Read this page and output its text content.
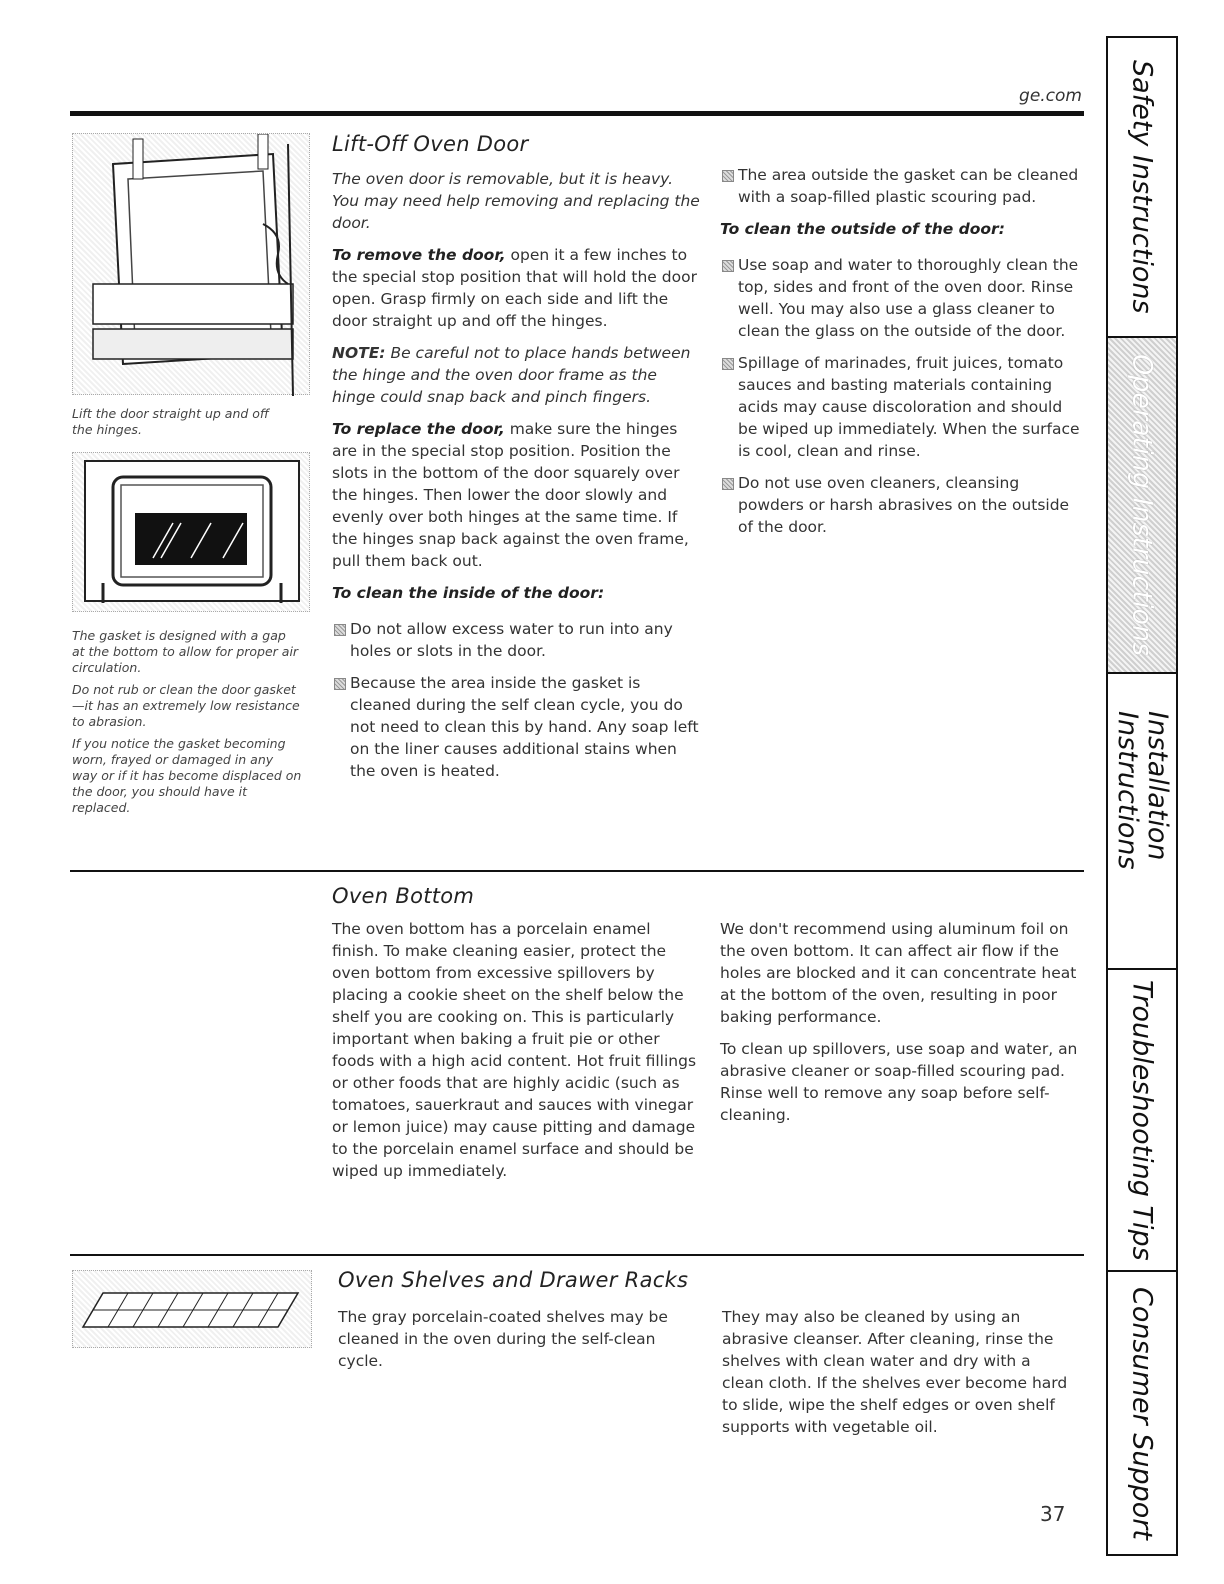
ge.com
Lift the door straight up and off the hinges.

The gasket is designed with a gap at the bottom to allow for proper air circulation.

Do not rub or clean the door gasket—it has an extremely low resistance to abrasion.

If you notice the gasket becoming worn, frayed or damaged in any way or if it has become displaced on the door, you should have it replaced.

Lift-Off Oven Door

The oven door is removable, but it is heavy. You may need help removing and replacing the door.

To remove the door, open it a few inches to the special stop position that will hold the door open. Grasp firmly on each side and lift the door straight up and off the hinges.

NOTE: Be careful not to place hands between the hinge and the oven door frame as the hinge could snap back and pinch fingers.

To replace the door, make sure the hinges are in the special stop position. Position the slots in the bottom of the door squarely over the hinges. Then lower the door slowly and evenly over both hinges at the same time. If the hinges snap back against the oven frame, pull them back out.

To clean the inside of the door:

Do not allow excess water to run into any holes or slots in the door.

Because the area inside the gasket is cleaned during the self clean cycle, you do not need to clean this by hand. Any soap left on the liner causes additional stains when the oven is heated.

The area outside the gasket can be cleaned with a soap-filled plastic scouring pad.

To clean the outside of the door:

Use soap and water to thoroughly clean the top, sides and front of the oven door. Rinse well. You may also use a glass cleaner to clean the glass on the outside of the door.

Spillage of marinades, fruit juices, tomato sauces and basting materials containing acids may cause discoloration and should be wiped up immediately. When the surface is cool, clean and rinse.

Do not use oven cleaners, cleansing powders or harsh abrasives on the outside of the door.

Oven Bottom

The oven bottom has a porcelain enamel finish. To make cleaning easier, protect the oven bottom from excessive spillovers by placing a cookie sheet on the shelf below the shelf you are cooking on. This is particularly important when baking a fruit pie or other foods with a high acid content. Hot fruit fillings or other foods that are highly acidic (such as tomatoes, sauerkraut and sauces with vinegar or lemon juice) may cause pitting and damage to the porcelain enamel surface and should be wiped up immediately.

We don't recommend using aluminum foil on the oven bottom. It can affect air flow if the holes are blocked and it can concentrate heat at the bottom of the oven, resulting in poor baking performance.

To clean up spillovers, use soap and water, an abrasive cleaner or soap-filled scouring pad. Rinse well to remove any soap before self-cleaning.

Oven Shelves and Drawer Racks

The gray porcelain-coated shelves may be cleaned in the oven during the self-clean cycle.

They may also be cleaned by using an abrasive cleanser. After cleaning, rinse the shelves with clean water and dry with a clean cloth. If the shelves ever become hard to slide, wipe the shelf edges or oven shelf supports with vegetable oil.

37
Safety Instructions
Operating Instructions
Installation Instructions
Troubleshooting Tips
Consumer Support
